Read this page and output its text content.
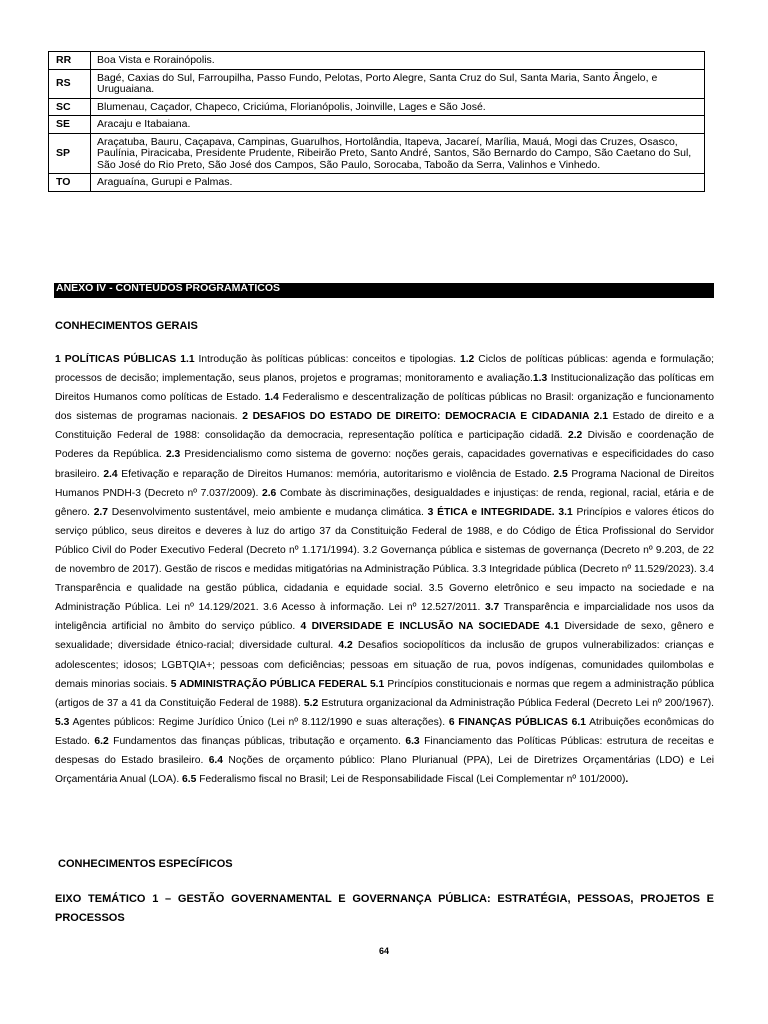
RR	Boa Vista e Rorainópolis.
RS	Bagé, Caxias do Sul, Farroupilha, Passo Fundo, Pelotas, Porto Alegre, Santa Cruz do Sul, Santa Maria, Santo Ângelo, e Uruguaiana.
SC	Blumenau, Caçador, Chapeco, Criciúma, Florianópolis, Joinville, Lages e São José.
SE	Aracaju e Itabaiana.
SP	Araçatuba, Bauru, Caçapava, Campinas, Guarulhos, Hortolândia, Itapeva, Jacareí, Marília, Mauá, Mogi das Cruzes, Osasco, Paulínia, Piracicaba, Presidente Prudente, Ribeirão Preto, Santo André, Santos, São Bernardo do Campo, São Caetano do Sul, São José do Rio Preto, São José dos Campos, São Paulo, Sorocaba, Taboão da Serra, Valinhos e Vinhedo.
TO	Araguaína, Gurupi e Palmas.
ANEXO IV - CONTEÚDOS PROGRAMÁTICOS
CONHECIMENTOS GERAIS
1 POLÍTICAS PÚBLICAS 1.1 Introdução às políticas públicas: conceitos e tipologias. 1.2 Ciclos de políticas públicas: agenda e formulação; processos de decisão; implementação, seus planos, projetos e programas; monitoramento e avaliação.1.3 Institucionalização das políticas em Direitos Humanos como políticas de Estado. 1.4 Federalismo e descentralização de políticas públicas no Brasil: organização e funcionamento dos sistemas de programas nacionais. 2 DESAFIOS DO ESTADO DE DIREITO: DEMOCRACIA E CIDADANIA 2.1 Estado de direito e a Constituição Federal de 1988: consolidação da democracia, representação política e participação cidadã. 2.2 Divisão e coordenação de Poderes da República. 2.3 Presidencialismo como sistema de governo: noções gerais, capacidades governativas e especificidades do caso brasileiro. 2.4 Efetivação e reparação de Direitos Humanos: memória, autoritarismo e violência de Estado. 2.5 Programa Nacional de Direitos Humanos PNDH-3 (Decreto nº 7.037/2009). 2.6 Combate às discriminações, desigualdades e injustiças: de renda, regional, racial, etária e de gênero. 2.7 Desenvolvimento sustentável, meio ambiente e mudança climática. 3 ÉTICA e INTEGRIDADE. 3.1 Princípios e valores éticos do serviço público, seus direitos e deveres à luz do artigo 37 da Constituição Federal de 1988, e do Código de Ética Profissional do Servidor Público Civil do Poder Executivo Federal (Decreto nº 1.171/1994). 3.2 Governança pública e sistemas de governança (Decreto nº 9.203, de 22 de novembro de 2017). Gestão de riscos e medidas mitigatórias na Administração Pública. 3.3 Integridade pública (Decreto nº 11.529/2023). 3.4 Transparência e qualidade na gestão pública, cidadania e equidade social. 3.5 Governo eletrônico e seu impacto na sociedade e na Administração Pública. Lei nº 14.129/2021. 3.6 Acesso à informação. Lei nº 12.527/2011. 3.7 Transparência e imparcialidade nos usos da inteligência artificial no âmbito do serviço público. 4 DIVERSIDADE E INCLUSÃO NA SOCIEDADE 4.1 Diversidade de sexo, gênero e sexualidade; diversidade étnico-racial; diversidade cultural. 4.2 Desafios sociopolíticos da inclusão de grupos vulnerabilizados: crianças e adolescentes; idosos; LGBTQIA+; pessoas com deficiências; pessoas em situação de rua, povos indígenas, comunidades quilombolas e demais minorias sociais. 5 ADMINISTRAÇÃO PÚBLICA FEDERAL 5.1 Princípios constitucionais e normas que regem a administração pública (artigos de 37 a 41 da Constituição Federal de 1988). 5.2 Estrutura organizacional da Administração Pública Federal (Decreto Lei nº 200/1967). 5.3 Agentes públicos: Regime Jurídico Único (Lei nº 8.112/1990 e suas alterações). 6 FINANÇAS PÚBLICAS 6.1 Atribuições econômicas do Estado. 6.2 Fundamentos das finanças públicas, tributação e orçamento. 6.3 Financiamento das Políticas Públicas: estrutura de receitas e despesas do Estado brasileiro. 6.4 Noções de orçamento público: Plano Plurianual (PPA), Lei de Diretrizes Orçamentárias (LDO) e Lei Orçamentária Anual (LOA). 6.5 Federalismo fiscal no Brasil; Lei de Responsabilidade Fiscal (Lei Complementar nº 101/2000).
CONHECIMENTOS ESPECÍFICOS
EIXO TEMÁTICO 1 – GESTÃO GOVERNAMENTAL E GOVERNANÇA PÚBLICA: ESTRATÉGIA, PESSOAS, PROJETOS E PROCESSOS
64
